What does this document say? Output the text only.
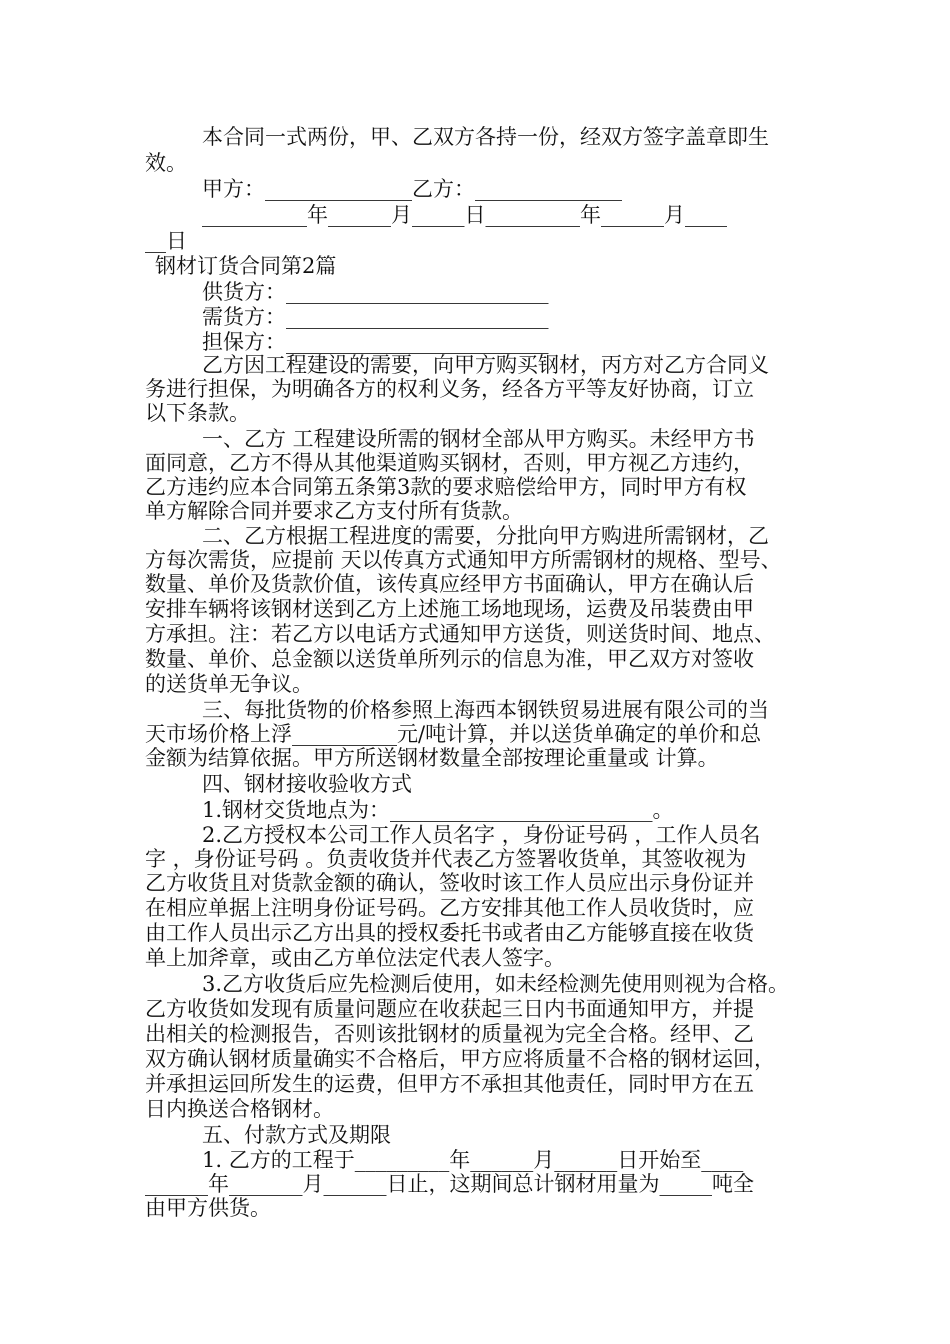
本合同一式两份，甲、乙双方各持一份，经双方签字盖章即生
效。
甲方：______________乙方：______________
__________年______月_____日_________年______月____
__日
钢材订货合同第2篇
供货方：_________________________
需货方：_________________________
担保方：_________________________
乙方因工程建设的需要，向甲方购买钢材，丙方对乙方合同义
务进行担保，为明确各方的权利义务，经各方平等友好协商，订立
以下条款。
一、乙方 工程建设所需的钢材全部从甲方购买。未经甲方书
面同意，乙方不得从其他渠道购买钢材，否则，甲方视乙方违约，
乙方违约应本合同第五条第3款的要求赔偿给甲方，同时甲方有权
单方解除合同并要求乙方支付所有货款。
二、乙方根据工程进度的需要，分批向甲方购进所需钢材，乙
方每次需货，应提前 天以传真方式通知甲方所需钢材的规格、型号、
数量、单价及货款价值，该传真应经甲方书面确认，甲方在确认后
安排车辆将该钢材送到乙方上述施工场地现场，运费及吊装费由甲
方承担。注：若乙方以电话方式通知甲方送货，则送货时间、地点、
数量、单价、总金额以送货单所列示的信息为准，甲乙双方对签收
的送货单无争议。
三、每批货物的价格参照上海西本钢铁贸易进展有限公司的当
天市场价格上浮__________元/吨计算，并以送货单确定的单价和总
金额为结算依据。甲方所送钢材数量全部按理论重量或 计算。
四、钢材接收验收方式
1.钢材交货地点为：_________________________。
2.乙方授权本公司工作人员名字 ，身份证号码 ，工作人员名
字 ，身份证号码 。负责收货并代表乙方签署收货单，其签收视为
乙方收货且对货款金额的确认，签收时该工作人员应出示身份证并
在相应单据上注明身份证号码。乙方安排其他工作人员收货时，应
由工作人员出示乙方出具的授权委托书或者由乙方能够直接在收货
单上加斧章，或由乙方单位法定代表人签字。
3.乙方收货后应先检测后使用，如未经检测先使用则视为合格。
乙方收货如发现有质量问题应在收获起三日内书面通知甲方，并提
出相关的检测报告，否则该批钢材的质量视为完全合格。经甲、乙
双方确认钢材质量确实不合格后，甲方应将质量不合格的钢材运回，
并承担运回所发生的运费，但甲方不承担其他责任，同时甲方在五
日内换送合格钢材。
五、付款方式及期限
1. 乙方的工程于_________年______月______日开始至____
______年_______月______日止，这期间总计钢材用量为_____吨全
由甲方供货。
